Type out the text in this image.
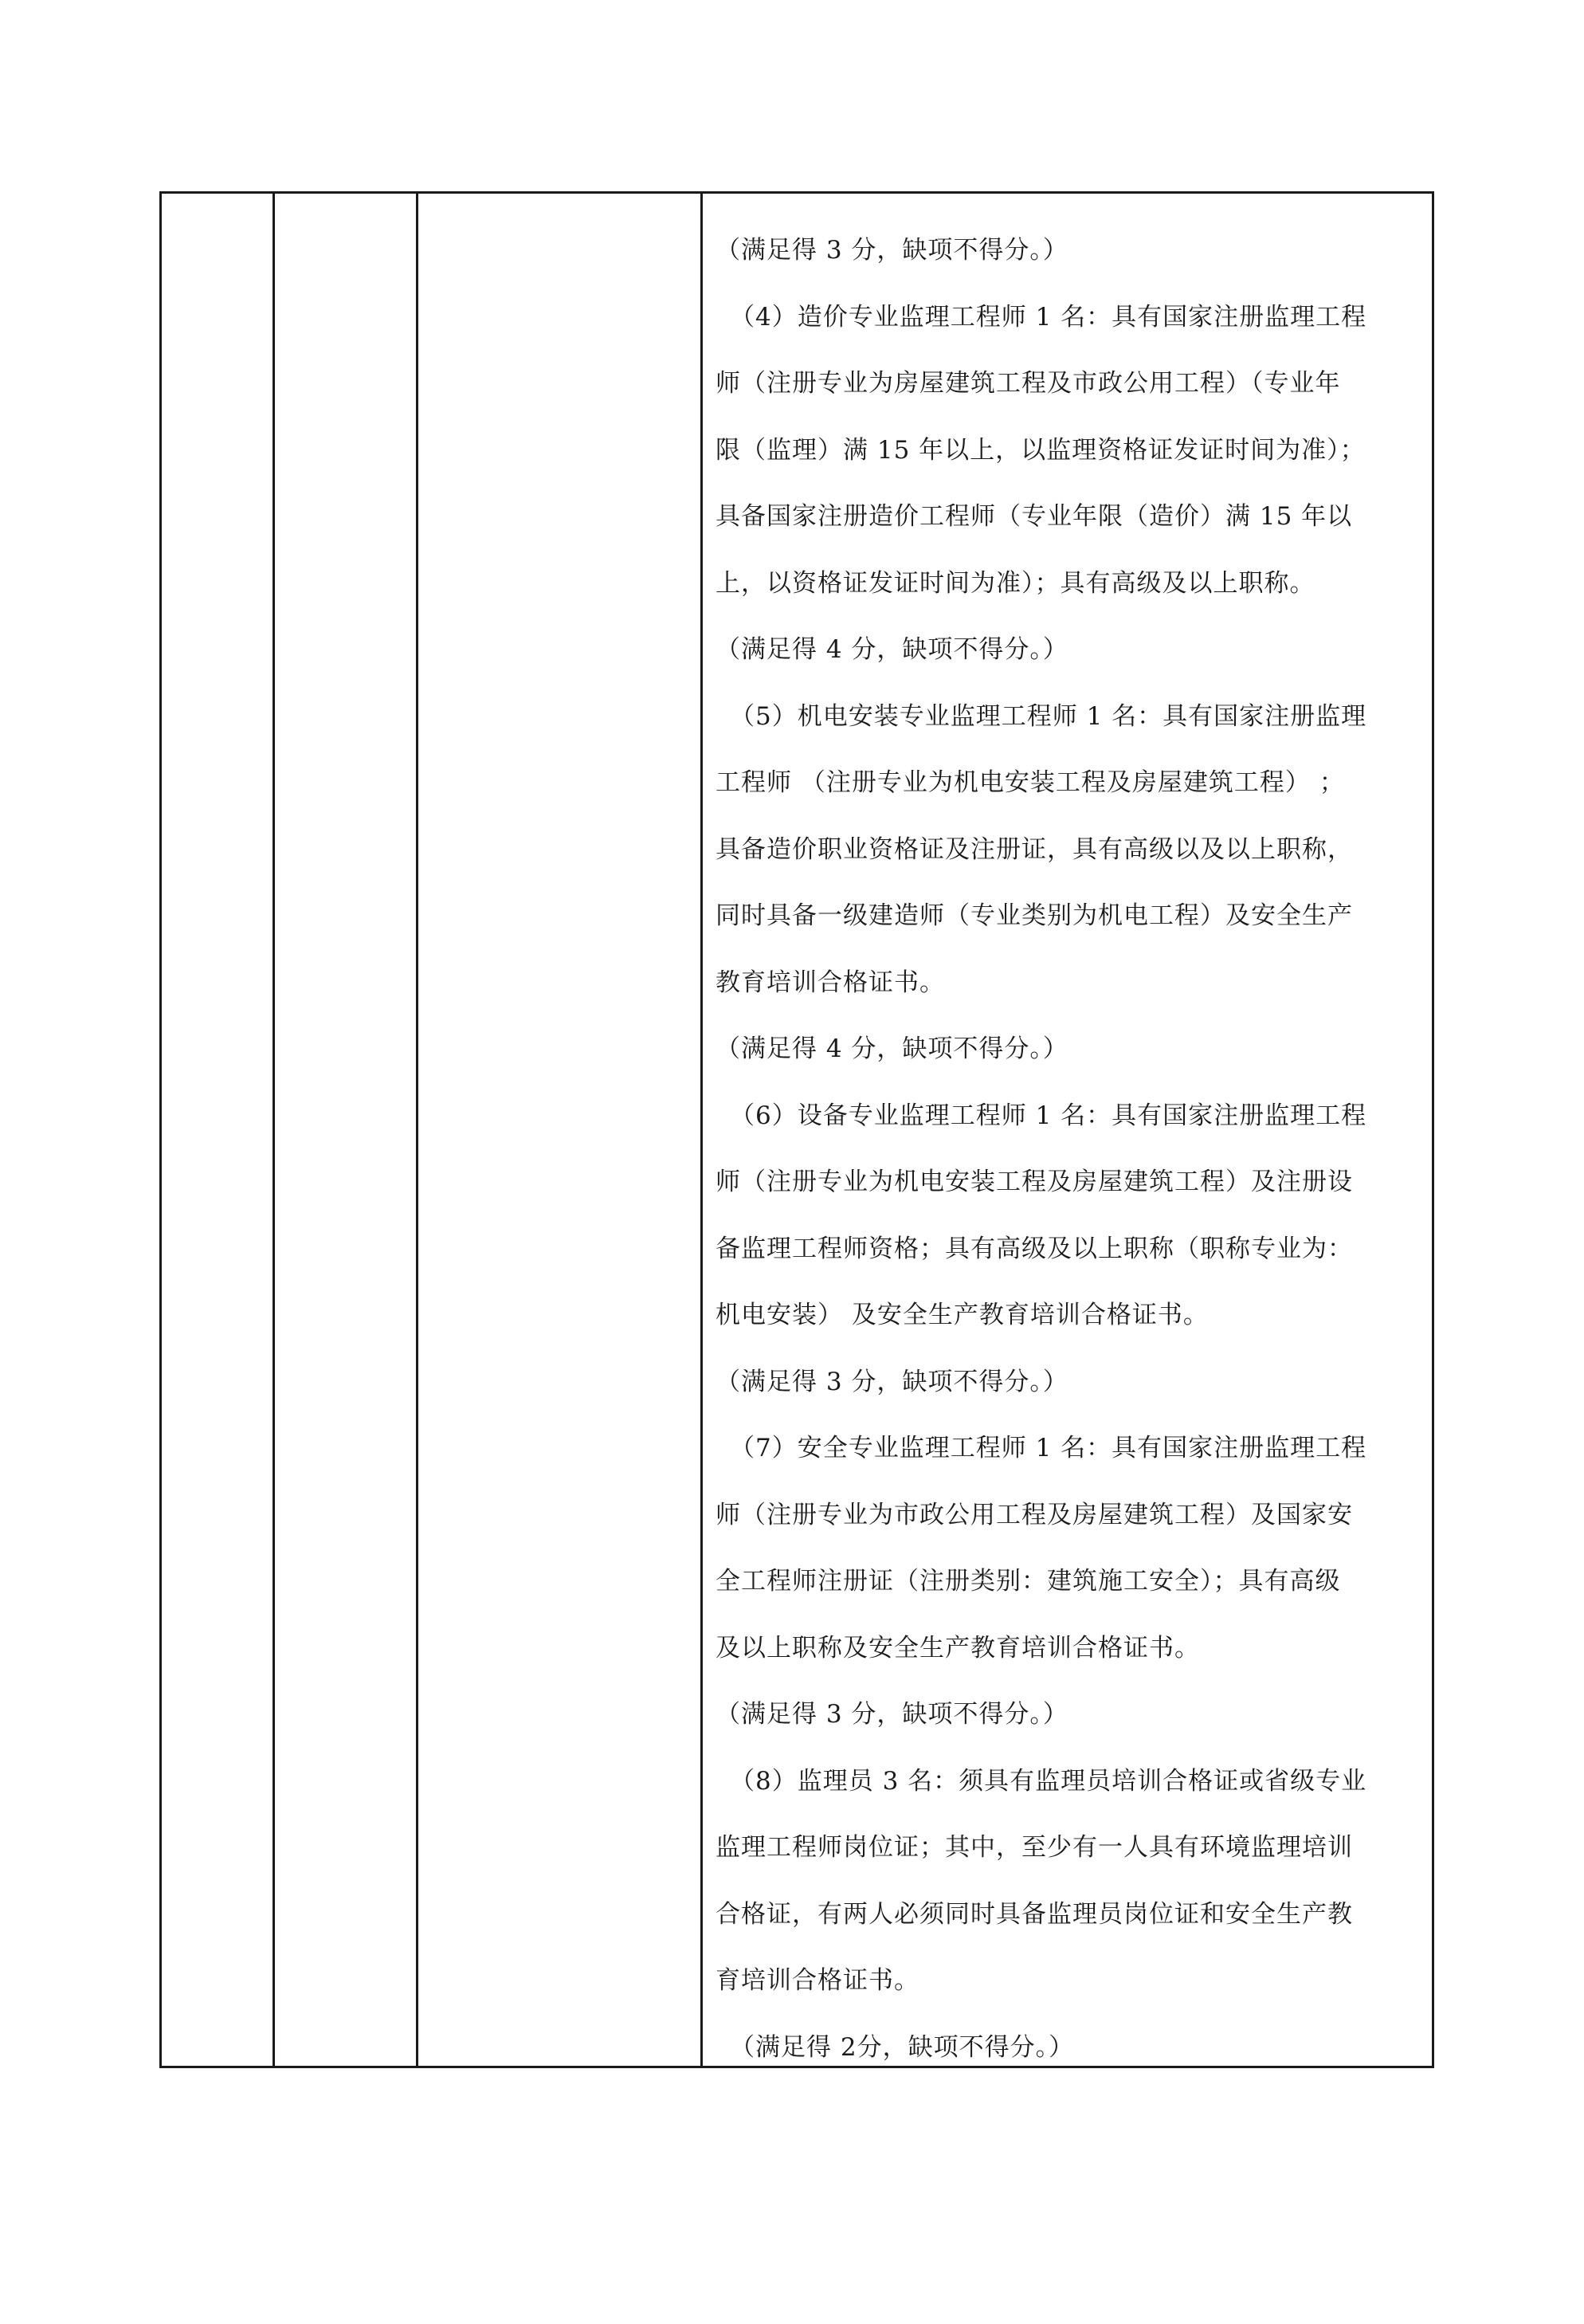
（满足得 3 分，缺项不得分。）
（4）造价专业监理工程师 1 名：具有国家注册监理工程
师（注册专业为房屋建筑工程及市政公用工程）（专业年
限（监理）满 15 年以上，以监理资格证发证时间为准）；
具备国家注册造价工程师（专业年限（造价）满 15 年以
上，以资格证发证时间为准）；具有高级及以上职称。
（满足得 4 分，缺项不得分。）
（5）机电安装专业监理工程师 1 名：具有国家注册监理
工程师 （注册专业为机电安装工程及房屋建筑工程） ；
具备造价职业资格证及注册证，具有高级以及以上职称，
同时具备一级建造师（专业类别为机电工程）及安全生产
教育培训合格证书。
（满足得 4 分，缺项不得分。）
（6）设备专业监理工程师 1 名：具有国家注册监理工程
师（注册专业为机电安装工程及房屋建筑工程）及注册设
备监理工程师资格；具有高级及以上职称（职称专业为：
机电安装） 及安全生产教育培训合格证书。
（满足得 3 分，缺项不得分。）
（7）安全专业监理工程师 1 名：具有国家注册监理工程
师（注册专业为市政公用工程及房屋建筑工程）及国家安
全工程师注册证（注册类别：建筑施工安全）；具有高级
及以上职称及安全生产教育培训合格证书。
（满足得 3 分，缺项不得分。）
（8）监理员 3 名：须具有监理员培训合格证或省级专业
监理工程师岗位证；其中，至少有一人具有环境监理培训
合格证，有两人必须同时具备监理员岗位证和安全生产教
育培训合格证书。
（满足得 2分，缺项不得分。）
